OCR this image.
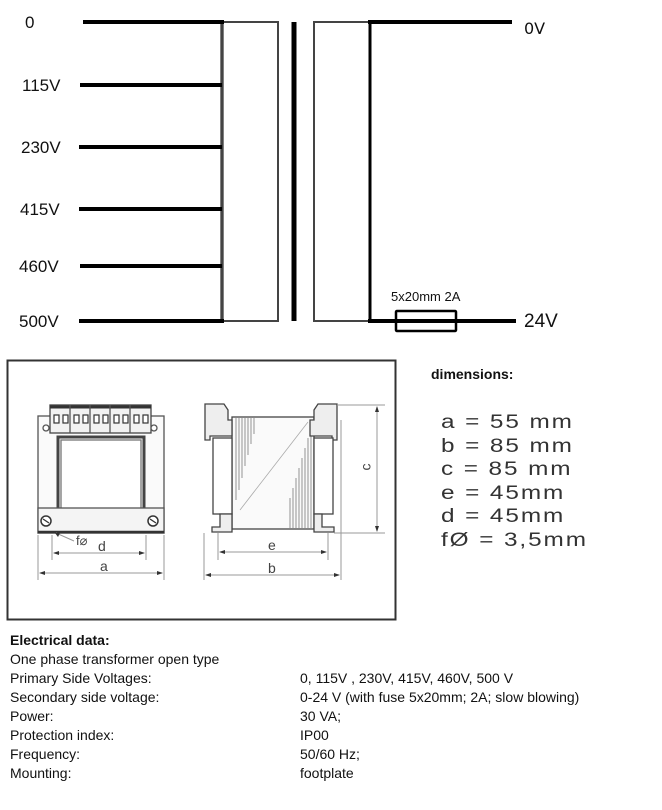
0
115V
230V
415V
460V
500V
0V
24V
5x20mm 2A
f⌀ d
a
e
b
c
dimensions:
a = 55 mm
b = 85 mm
c = 85 mm
e = 45mm
d = 45mm
fØ = 3,5mm
Electrical data:
One phase transformer open type
Primary Side Voltages:	0, 115V , 230V, 415V, 460V, 500 V
Secondary side voltage:	0-24 V (with fuse 5x20mm; 2A; slow blowing)
Power:	30 VA;
Protection index:	IP00
Frequency:	50/60 Hz;
Mounting:	footplate
